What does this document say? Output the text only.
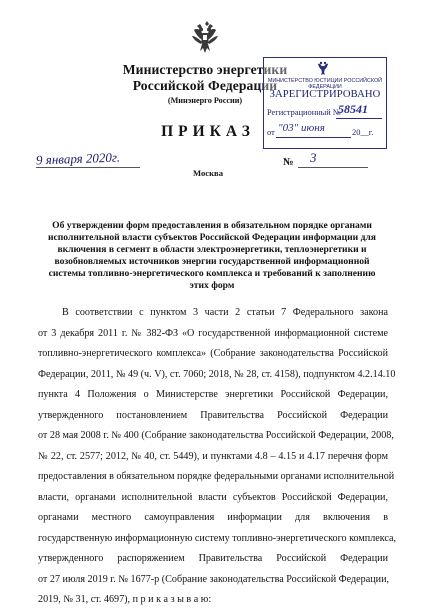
Министерство энергетики
Российской Федерации
(Минэнерго России)
МИНИСТЕРСТВО ЮСТИЦИИ РОССИЙСКОЙ ФЕДЕРАЦИИ
ЗАРЕГИСТРИРОВАНО
Регистрационный №
58541
от "03" июня	20__г.
ПРИКАЗ
9 января 2020г.	№ 3
Москва
Об утверждении форм предоставления в обязательном порядке органами
исполнительной власти субъектов Российской Федерации информации для
включения в сегмент в области электроэнергетики, теплоэнергетики и
возобновляемых источников энергии государственной информационной
системы топливно-энергетического комплекса и требований к заполнению
этих форм
В соответствии с пунктом 3 части 2 статьи 7 Федерального закона
от 3 декабря 2011 г. № 382-ФЗ «О государственной информационной системе
топливно-энергетического комплекса» (Собрание законодательства Российской
Федерации, 2011, № 49 (ч. V), ст. 7060; 2018, № 28, ст. 4158), подпунктом 4.2.14.10
пункта 4 Положения о Министерстве энергетики Российской Федерации,
утвержденного постановлением Правительства Российской Федерации
от 28 мая 2008 г. № 400 (Собрание законодательства Российской Федерации, 2008,
№ 22, ст. 2577; 2012, № 40, ст. 5449), и пунктами 4.8 – 4.15 и 4.17 перечня форм
предоставления в обязательном порядке федеральными органами исполнительной
власти, органами исполнительной власти субъектов Российской Федерации,
органами местного самоуправления информации для включения в
государственную информационную систему топливно-энергетического комплекса,
утвержденного распоряжением Правительства Российской Федерации
от 27 июля 2019 г. № 1677-р (Собрание законодательства Российской Федерации,
2019, № 31, ст. 4697), п р и к а з ы в а ю:
